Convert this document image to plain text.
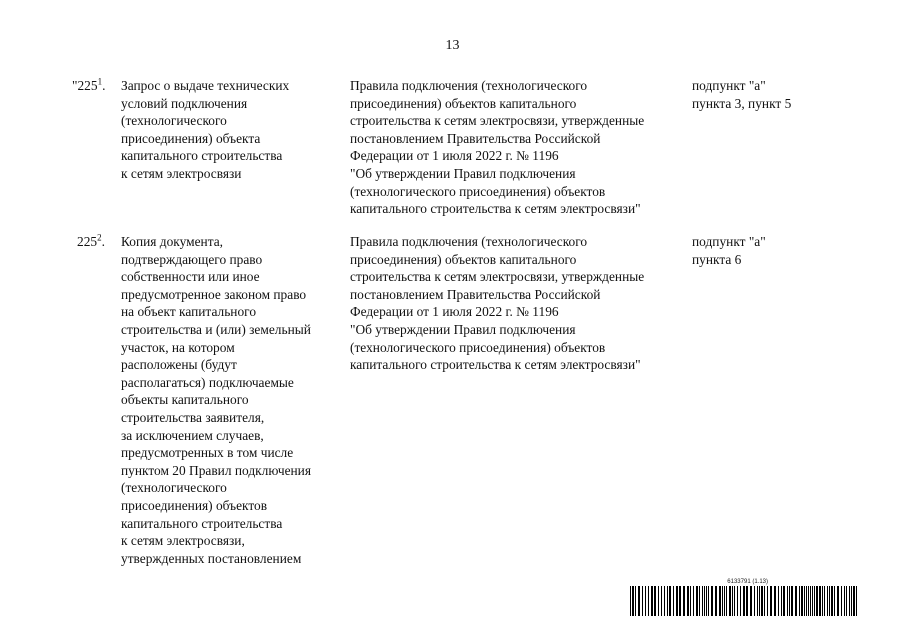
13
"$225^1$.	Запрос о выдаче технических
условий подключения
(технологического
присоединения) объекта
капитального строительства
к сетям электросвязи
Правила подключения (технологического
присоединения) объектов капитального
строительства к сетям электросвязи, утвержденные
постановлением Правительства Российской
Федерации от 1 июля 2022 г. № 1196
"Об утверждении Правил подключения
(технологического присоединения) объектов
капитального строительства к сетям электросвязи"
подпункт "а"
пункта 3, пункт 5
$225^2$.	Копия документа,
подтверждающего право
собственности или иное
предусмотренное законом право
на объект капитального
строительства и (или) земельный
участок, на котором
расположены (будут
располагаться) подключаемые
объекты капитального
строительства заявителя,
за исключением случаев,
предусмотренных в том числе
пунктом 20 Правил подключения
(технологического
присоединения) объектов
капитального строительства
к сетям электросвязи,
утвержденных постановлением
Правила подключения (технологического
присоединения) объектов капитального
строительства к сетям электросвязи, утвержденные
постановлением Правительства Российской
Федерации от 1 июля 2022 г. № 1196
"Об утверждении Правил подключения
(технологического присоединения) объектов
капитального строительства к сетям электросвязи"
подпункт "а"
пункта 6
6133791 (1.13)
